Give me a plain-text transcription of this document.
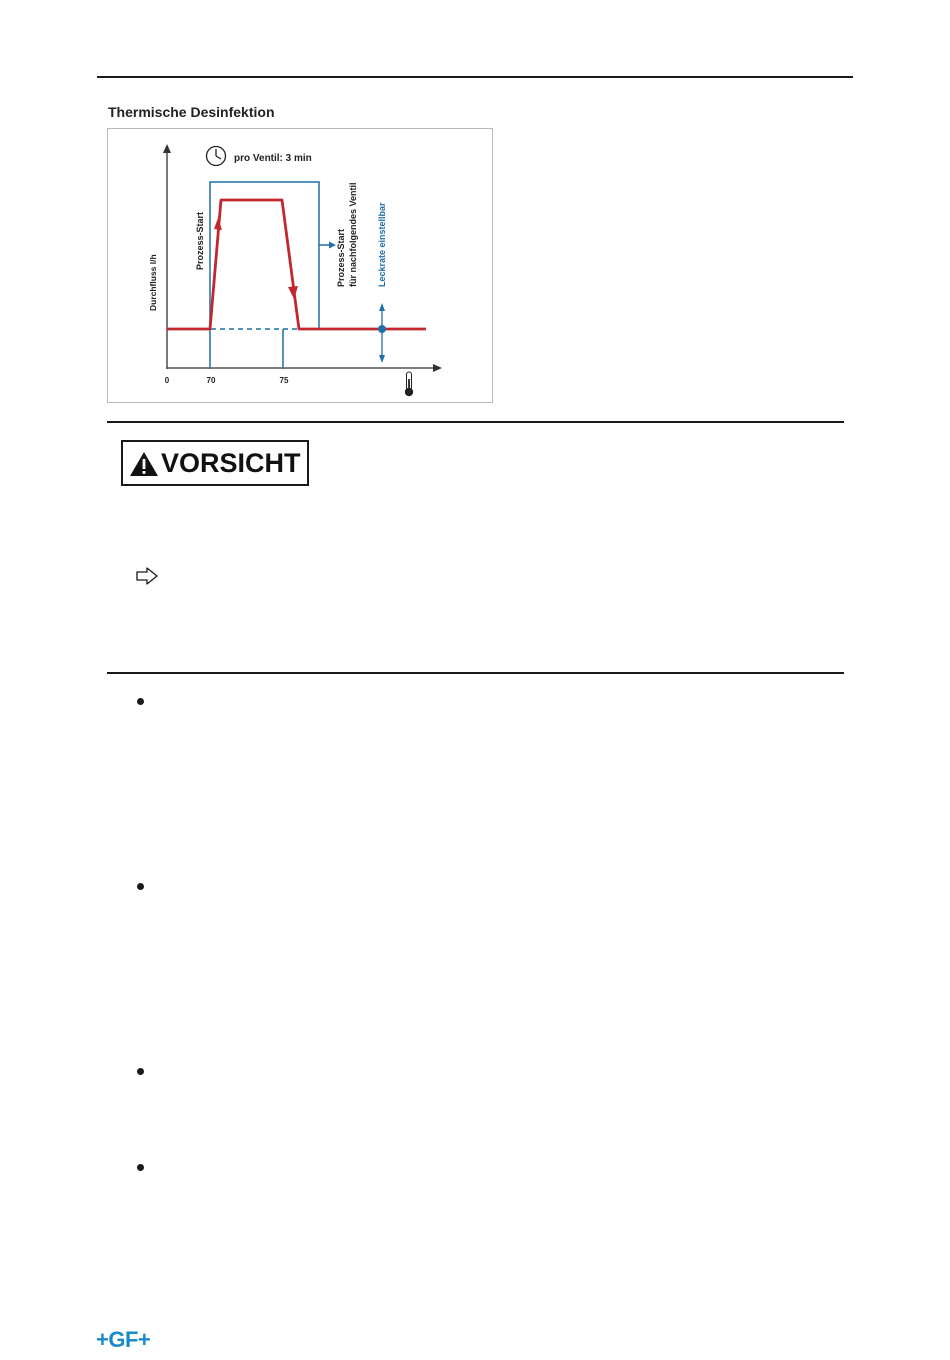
Thermische Desinfektion
pro Ventil: 3 min
Durchfluss l/h
Prozess-Start	Prozess-Start für nachfolgendes Ventil Leckrate einstellbar
0	70	75
VORSICHT
+GF+
